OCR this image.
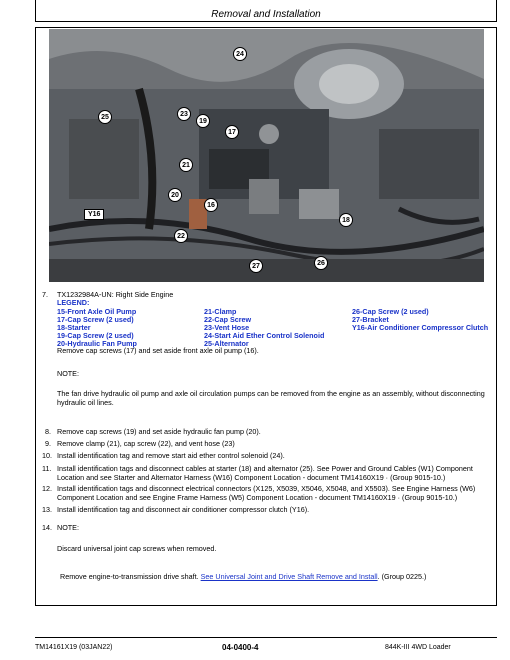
Removal and Installation
24
25	23
19
17
21
20
16
22
18
27	26
Y16
7. TX1232984A-UN: Right Side Engine
LEGEND:
15-Front Axle Oil Pump	21-Clamp	26-Cap Screw (2 used)
17-Cap Screw (2 used)	22-Cap Screw	27-Bracket
18-Starter	23-Vent Hose	Y16-Air Conditioner Compressor Clutch
19-Cap Screw (2 used)	24-Start Aid Ether Control Solenoid
20-Hydraulic Fan Pump	25-Alternator
Remove cap screws (17) and set aside front axle oil pump (16).
NOTE:
The fan drive hydraulic oil pump and axle oil circulation pumps can be removed from the engine as an assembly, without disconnecting hydraulic oil lines.
8. Remove cap screws (19) and set aside hydraulic fan pump (20).
9. Remove clamp (21), cap screw (22), and vent hose (23)
10. Install identification tag and remove start aid ether control solenoid (24).
11. Install identification tags and disconnect cables at starter (18) and alternator (25). See Power and Ground Cables (W1) Component Location and see Starter and Alternator Harness (W16) Component Location - document TM14160X19 · (Group 9015-10.)
12. Install identification tags and disconnect electrical connectors (X125, X5039, X5046, X5048, and X5503). See Engine Harness (W6) Component Location and see Engine Frame Harness (W5) Component Location - document TM14160X19 · (Group 9015-10.)
13. Install identification tag and disconnect air conditioner compressor clutch (Y16).
14. NOTE:
Discard universal joint cap screws when removed.
Remove engine-to-transmission drive shaft. See Universal Joint and Drive Shaft Remove and Install. (Group 0225.)
TM14161X19 (03JAN22)	04-0400-4	844K-III 4WD Loader
